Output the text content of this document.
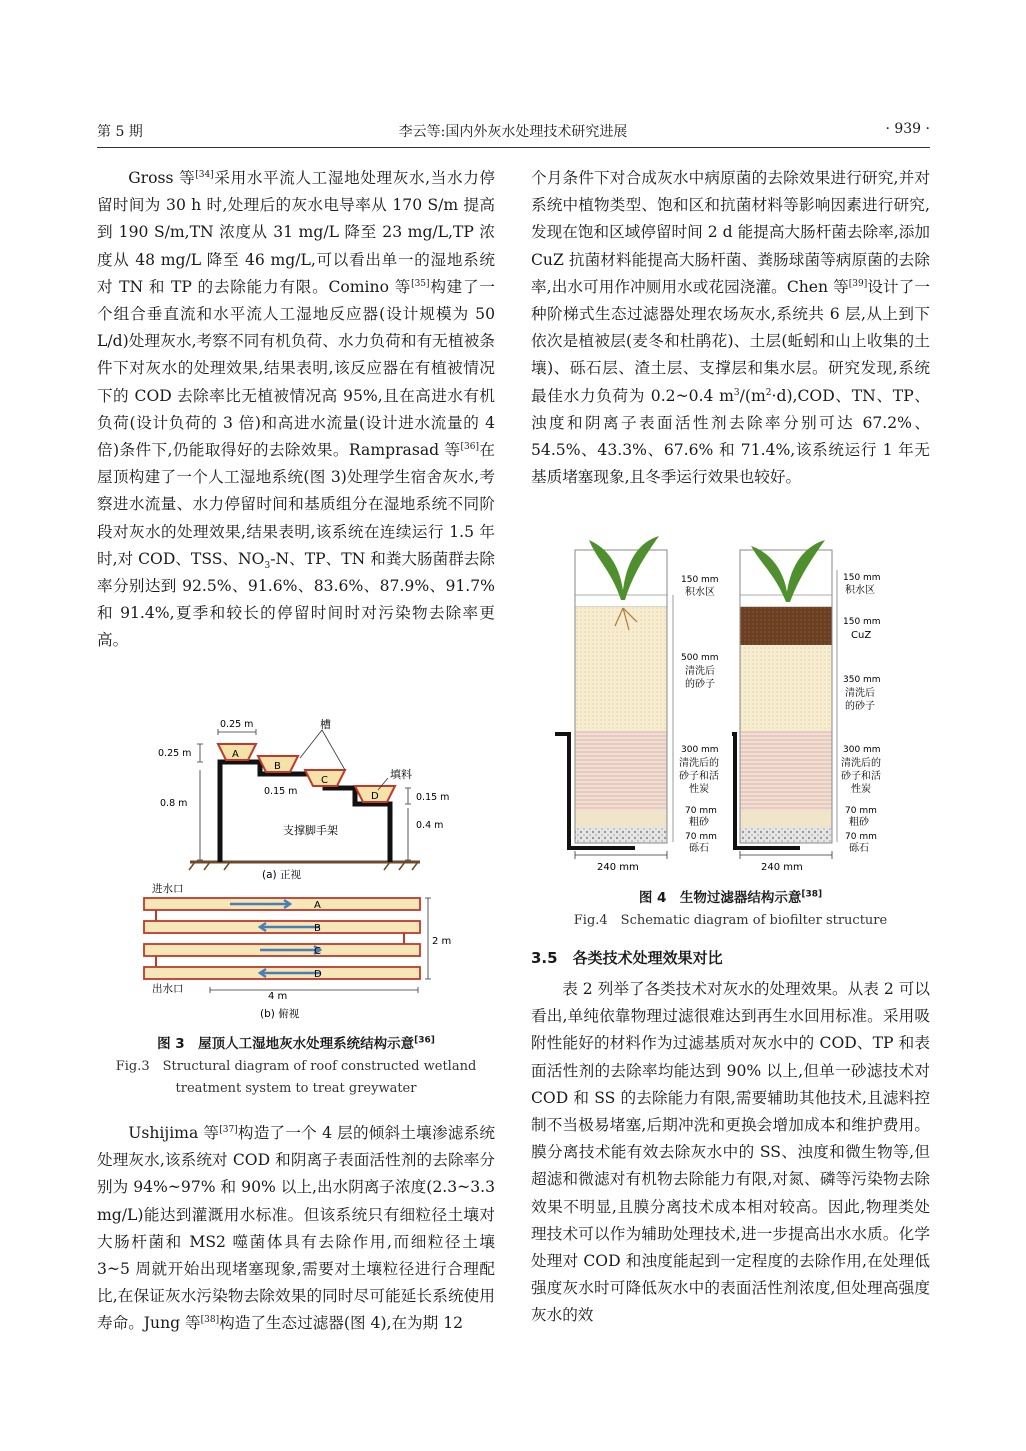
第 5 期	李云等:国内外灰水处理技术研究进展	· 939 ·

Gross 等[34]采用水平流人工湿地处理灰水,当水力停留时间为 30 h 时,处理后的灰水电导率从 170 S/m 提高到 190 S/m,TN 浓度从 31 mg/L 降至 23 mg/L,TP 浓度从 48 mg/L 降至 46 mg/L,可以看出单一的湿地系统对 TN 和 TP 的去除能力有限。Comino 等[35]构建了一个组合垂直流和水平流人工湿地反应器(设计规模为 50 L/d)处理灰水,考察不同有机负荷、水力负荷和有无植被条件下对灰水的处理效果,结果表明,该反应器在有植被情况下的 COD 去除率比无植被情况高 95%,且在高进水有机负荷(设计负荷的 3 倍)和高进水流量(设计进水流量的 4 倍)条件下,仍能取得好的去除效果。Ramprasad 等[36]在屋顶构建了一个人工湿地系统(图 3)处理学生宿舍灰水,考察进水流量、水力停留时间和基质组分在湿地系统不同阶段对灰水的处理效果,结果表明,该系统在连续运行 1.5 年时,对 COD、TSS、$NO_3-N$、TP、TN 和粪大肠菌群去除率分别达到 92.5%、91.6%、83.6%、87.9%、91.7% 和 91.4%,夏季和较长的停留时间时对污染物去除率更高。

A
B
C
D
0.25 m
0.25 m
0.8 m
0.15 m
0.15 m
0.4 m
槽
填料
支撑脚手架
(a) 正视
进水口
A
B
C
D
2 m
出水口
4 m
(b) 俯视
图 3　屋顶人工湿地灰水处理系统结构示意[36]
Fig.3　Structural diagram of roof constructed wetland
treatment system to treat greywater

Ushijima 等[37]构造了一个 4 层的倾斜土壤渗滤系统处理灰水,该系统对 COD 和阴离子表面活性剂的去除率分别为 94%~97% 和 90% 以上,出水阴离子浓度(2.3~3.3 mg/L)能达到灌溉用水标准。但该系统只有细粒径土壤对大肠杆菌和 MS2 噬菌体具有去除作用,而细粒径土壤 3~5 周就开始出现堵塞现象,需要对土壤粒径进行合理配比,在保证灰水污染物去除效果的同时尽可能延长系统使用寿命。Jung 等[38]构造了生态过滤器(图 4),在为期 12

个月条件下对合成灰水中病原菌的去除效果进行研究,并对系统中植物类型、饱和区和抗菌材料等影响因素进行研究,发现在饱和区域停留时间 2 d 能提高大肠杆菌去除率,添加 CuZ 抗菌材料能提高大肠杆菌、粪肠球菌等病原菌的去除率,出水可用作冲厕用水或花园浇灌。Chen 等[39]设计了一种阶梯式生态过滤器处理农场灰水,系统共 6 层,从上到下依次是植被层(麦冬和杜鹃花)、土层(蚯蚓和山上收集的土壤)、砾石层、渣土层、支撑层和集水层。研究发现,系统最佳水力负荷为 0.2~0.4 $m^3/(m^2\cdot d),COD$、TN、TP、浊度和阴离子表面活性剂去除率分别可达 67.2%、54.5%、43.3%、67.6% 和 71.4%,该系统运行 1 年无基质堵塞现象,且冬季运行效果也较好。

240 mm
150 mm
积水区
500 mm
清洗后
的砂子
300 mm
清洗后的
砂子和活
性炭
70 mm
粗砂
70 mm
砾石
240 mm
150 mm
积水区
150 mm
CuZ
350 mm
清洗后
的砂子
300 mm
清洗后的
砂子和活
性炭
70 mm
粗砂
70 mm
砾石
图 4　生物过滤器结构示意[38]
Fig.4　Schematic diagram of biofilter structure
3.5　各类技术处理效果对比

表 2 列举了各类技术对灰水的处理效果。从表 2 可以看出,单纯依靠物理过滤很难达到再生水回用标准。采用吸附性能好的材料作为过滤基质对灰水中的 COD、TP 和表面活性剂的去除率均能达到 90% 以上,但单一砂滤技术对 COD 和 SS 的去除能力有限,需要辅助其他技术,且滤料控制不当极易堵塞,后期冲洗和更换会增加成本和维护费用。膜分离技术能有效去除灰水中的 SS、浊度和微生物等,但超滤和微滤对有机物去除能力有限,对氮、磷等污染物去除效果不明显,且膜分离技术成本相对较高。因此,物理类处理技术可以作为辅助处理技术,进一步提高出水水质。化学处理对 COD 和浊度能起到一定程度的去除作用,在处理低强度灰水时可降低灰水中的表面活性剂浓度,但处理高强度灰水的效
